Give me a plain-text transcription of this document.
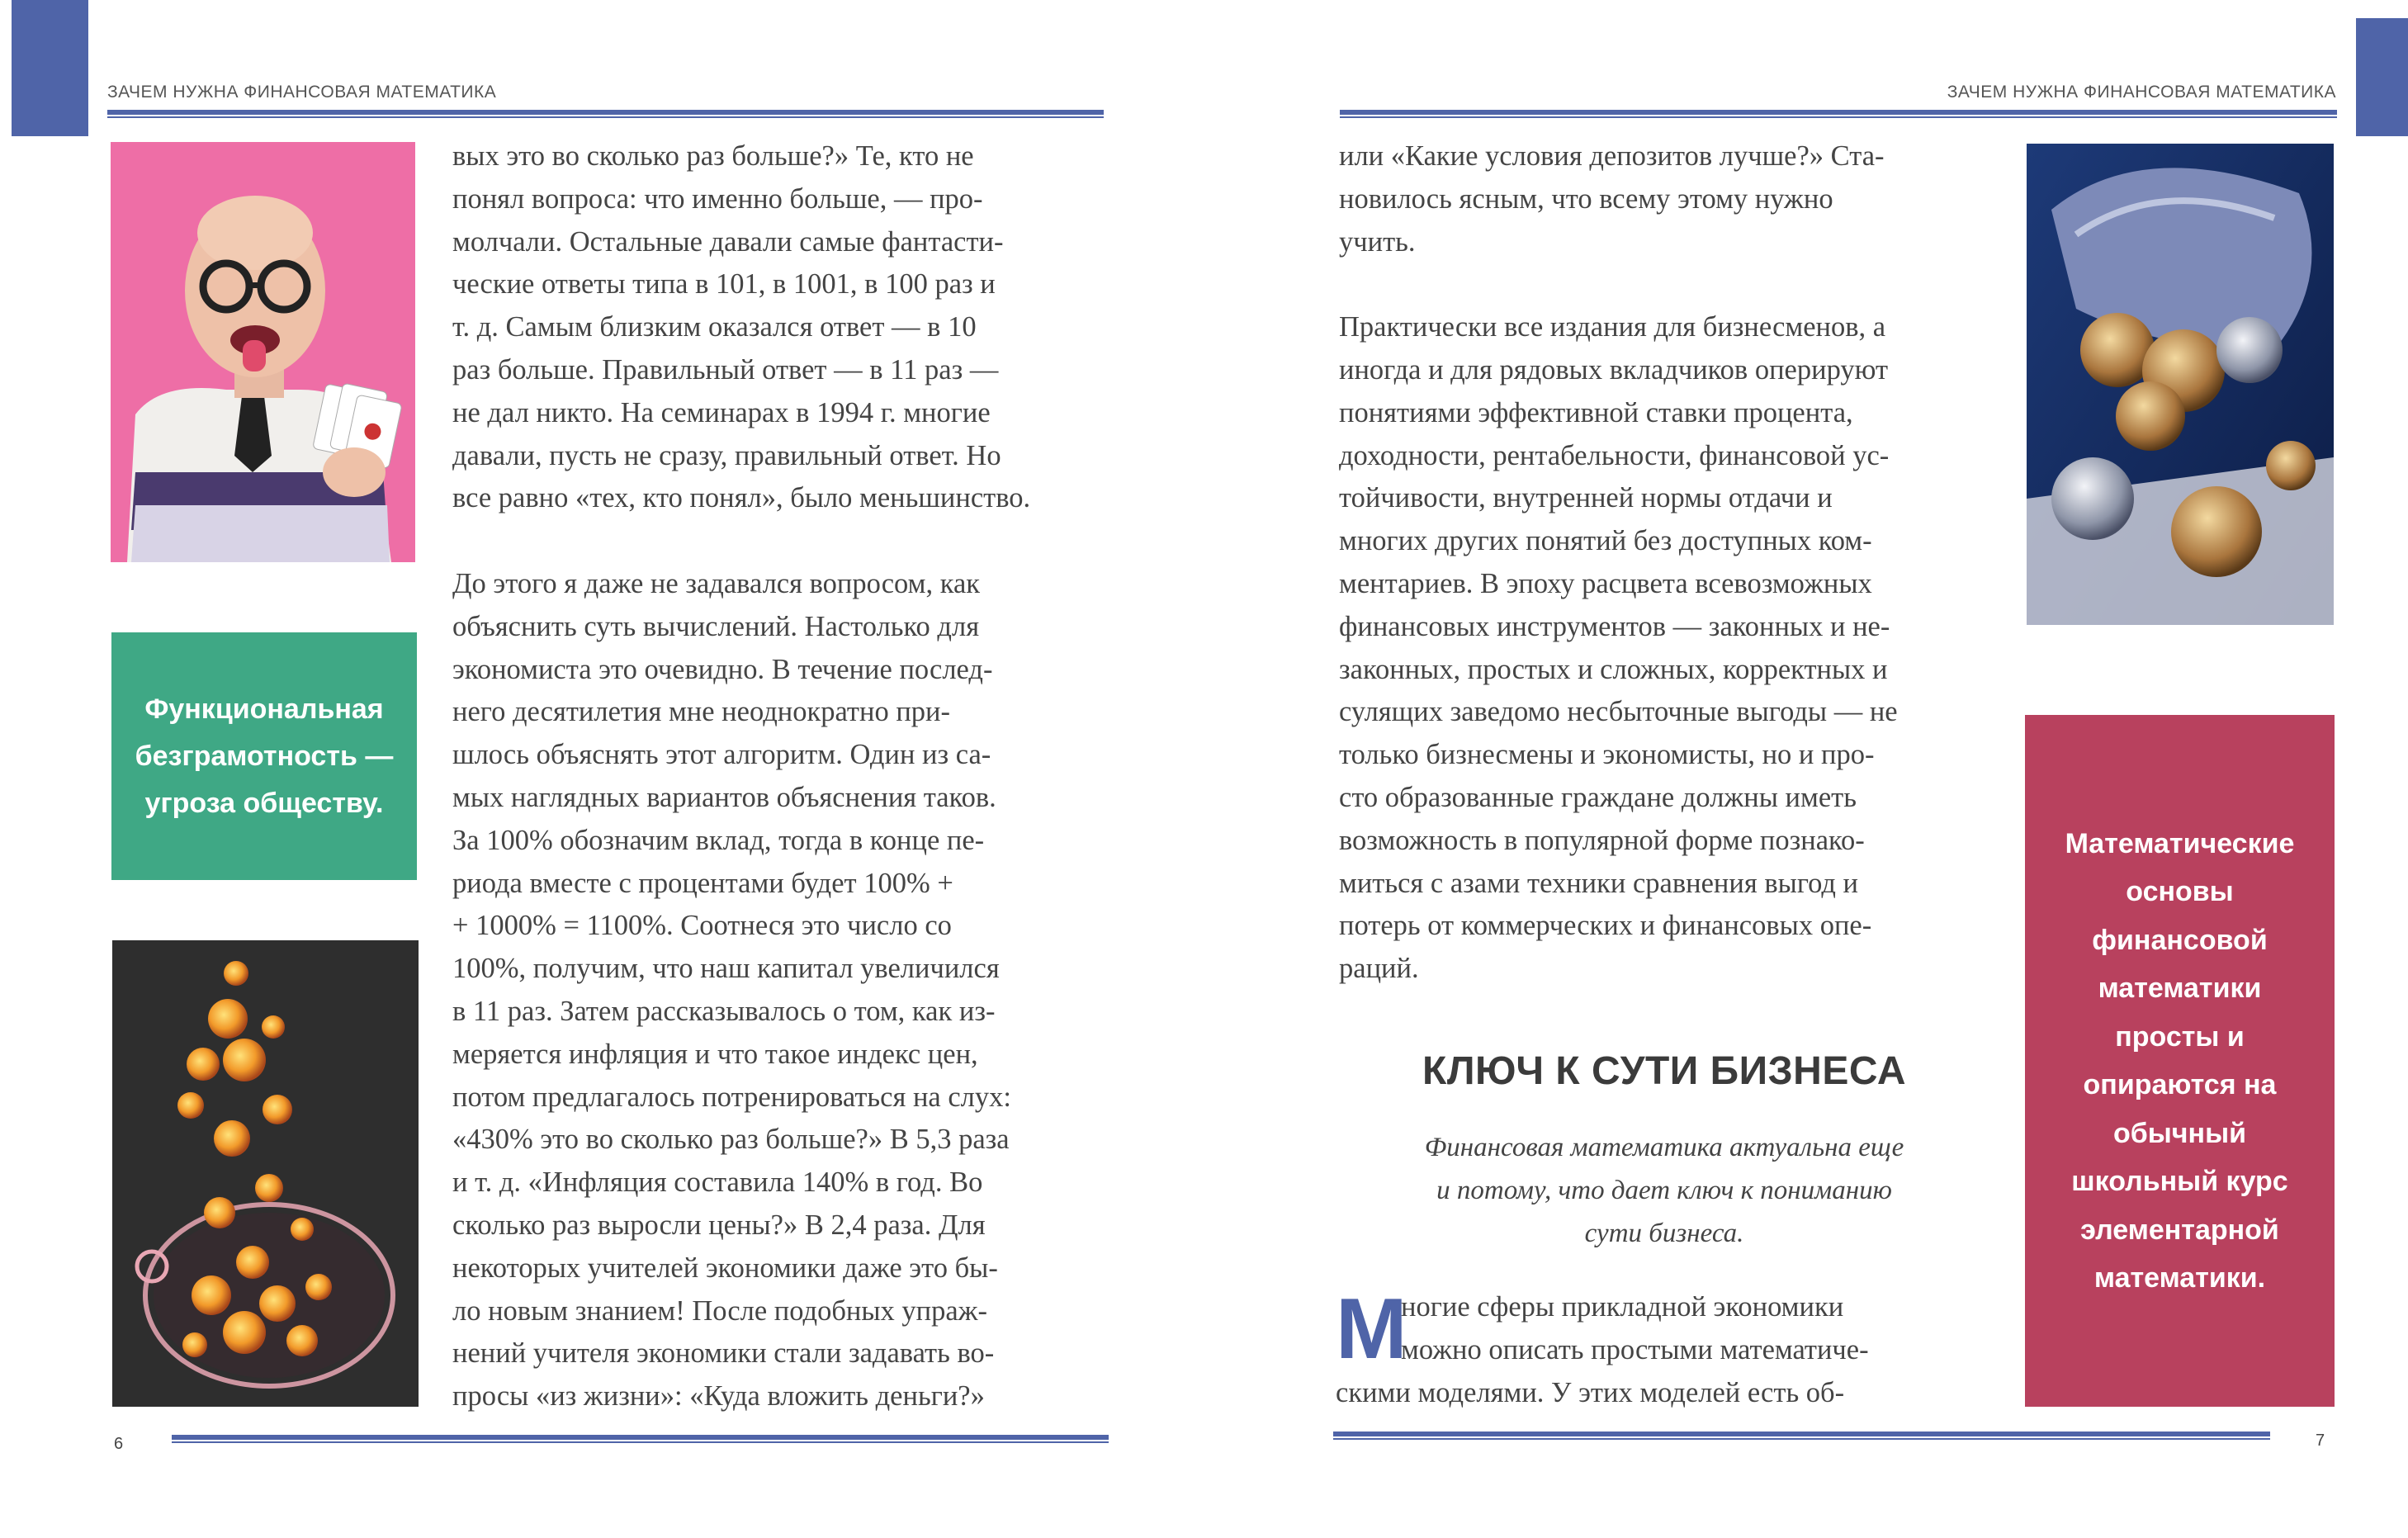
ЗАЧЕМ НУЖНА ФИНАНСОВАЯ МАТЕМАТИКА	ЗАЧЕМ НУЖНА ФИНАНСОВАЯ МАТЕМАТИКА

Функциональная

безграмотность —

угроза обществу.

вых это во сколько раз больше?» Те, кто не

понял вопроса: что именно больше, — про-

молчали. Остальные давали самые фантасти-

ческие ответы типа в 101, в 1001, в 100 раз и

т. д. Самым близким оказался ответ — в 10

раз больше. Правильный ответ — в 11 раз —

не дал никто. На семинарах в 1994 г. многие

давали, пусть не сразу, правильный ответ. Но

все равно «тех, кто понял», было меньшинство.

До этого я даже не задавался вопросом, как

объяснить суть вычислений. Настолько для

экономиста это очевидно. В течение послед-

него десятилетия мне неоднократно при-

шлось объяснять этот алгоритм. Один из са-

мых наглядных вариантов объяснения таков.

За 100% обозначим вклад, тогда в конце пе-

риода вместе с процентами будет 100% +

+ 1000% = 1100%. Соотнеся это число со

100%, получим, что наш капитал увеличился

в 11 раз. Затем рассказывалось о том, как из-

меряется инфляция и что такое индекс цен,

потом предлагалось потренироваться на слух:

«430% это во сколько раз больше?» В 5,3 раза

и т. д. «Инфляция составила 140% в год. Во

сколько раз выросли цены?» В 2,4 раза. Для

некоторых учителей экономики даже это бы-

ло новым знанием! После подобных упраж-

нений учителя экономики стали задавать во-

просы «из жизни»: «Куда вложить деньги?»

или «Какие условия депозитов лучше?» Ста-

новилось ясным, что всему этому нужно

учить.

Практически все издания для бизнесменов, а

иногда и для рядовых вкладчиков оперируют

понятиями эффективной ставки процента,

доходности, рентабельности, финансовой ус-

тойчивости, внутренней нормы отдачи и

многих других понятий без доступных ком-

ментариев. В эпоху расцвета всевозможных

финансовых инструментов — законных и не-

законных, простых и сложных, корректных и

сулящих заведомо несбыточные выгоды — не

только бизнесмены и экономисты, но и про-

сто образованные граждане должны иметь

возможность в популярной форме познако-

миться с азами техники сравнения выгод и

потерь от коммерческих и финансовых опе-

раций.

КЛЮЧ К СУТИ БИЗНЕСА

Финансовая математика актуальна еще

и потому, что дает ключ к пониманию

сути бизнеса.

М

ногие сферы прикладной экономики

можно описать простыми математиче-

скими моделями. У этих моделей есть об-

Математические

основы

финансовой

математики

просты и

опираются на

обычный

школьный курс

элементарной

математики.

6	7
